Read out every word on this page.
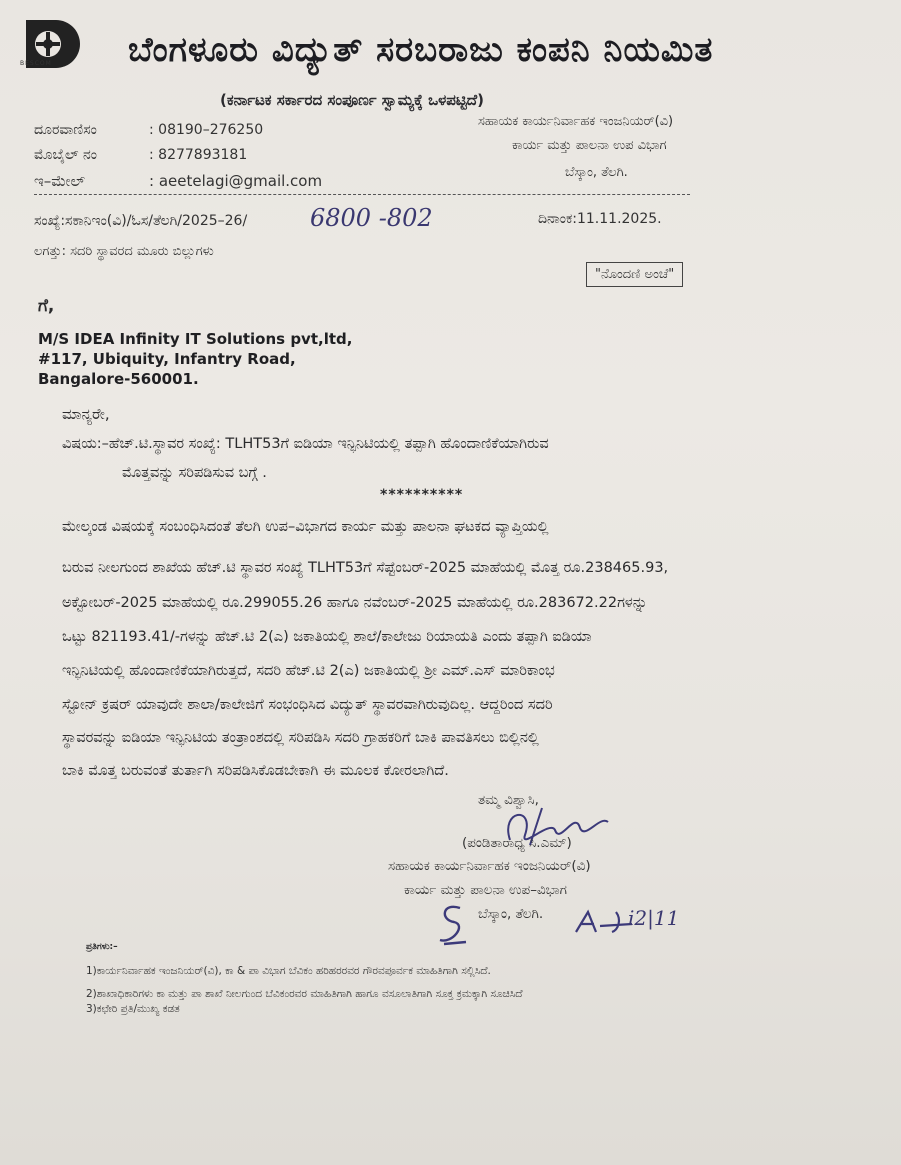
BESCOM ಬೆಂಗಳೂರು ವಿದ್ಯುತ್ ಸರಬರಾಜು ಕಂಪನಿ ನಿಯಮಿತ
(ಕರ್ನಾಟಕ ಸರ್ಕಾರದ ಸಂಪೂರ್ಣ ಸ್ವಾಮ್ಯಕ್ಕೆ ಒಳಪಟ್ಟಿದೆ)
ದೂರವಾಣಿಸಂ	: 08190–276250
ಮೊಬೈಲ್ ನಂ	: 8277893181
ಇ–ಮೇಲ್	: aeetelagi@gmail.com
ಸಹಾಯಕ ಕಾರ್ಯನಿರ್ವಾಹಕ ಇಂಜನಿಯರ್(ವಿ)
ಕಾರ್ಯ ಮತ್ತು ಪಾಲನಾ ಉಪ ವಿಭಾಗ
ಬೆಸ್ಕಾಂ, ತೆಲಗಿ.
ಸಂಖ್ಯೆ:ಸಕಾನಿಇಂ(ವಿ)/ಓಸ/ತೆಲಗಿ/2025–26/	6800 -802	ದಿನಾಂಕ:11.11.2025.
ಲಗತ್ತು: ಸದರಿ ಸ್ಥಾವರದ ಮೂರು ಬಿಲ್ಲುಗಳು
"ನೊಂದಣಿ ಅಂಚೆ"
ಗೆ,
M/S IDEA Infinity IT Solutions pvt,ltd,
#117, Ubiquity, Infantry Road,
Bangalore-560001.
ಮಾನ್ಯರೇ,
ವಿಷಯ:–ಹೆಚ್.ಟಿ.ಸ್ಥಾವರ ಸಂಖ್ಯೆ: TLHT53ಗೆ ಐಡಿಯಾ ಇನ್ಫಿನಿಟಿಯಲ್ಲಿ ತಪ್ಪಾಗಿ ಹೊಂದಾಣಿಕೆಯಾಗಿರುವ
ಮೊತ್ತವನ್ನು ಸರಿಪಡಿಸುವ ಬಗ್ಗೆ .
**********
ಮೇಲ್ಕಂಡ ವಿಷಯಕ್ಕೆ ಸಂಬಂಧಿಸಿದಂತೆ ತೆಲಗಿ ಉಪ–ವಿಭಾಗದ ಕಾರ್ಯ ಮತ್ತು ಪಾಲನಾ ಘಟಕದ ವ್ಯಾಪ್ತಿಯಲ್ಲಿ
ಬರುವ ನೀಲಗುಂದ ಶಾಖೆಯ ಹೆಚ್.ಟಿ ಸ್ಥಾವರ ಸಂಖ್ಯೆ TLHT53ಗೆ ಸೆಪ್ಟೆಂಬರ್-2025 ಮಾಹೆಯಲ್ಲಿ ಮೊತ್ತ ರೂ.238465.93,
ಅಕ್ಟೋಬರ್-2025 ಮಾಹೆಯಲ್ಲಿ ರೂ.299055.26 ಹಾಗೂ ನವೆಂಬರ್-2025 ಮಾಹೆಯಲ್ಲಿ ರೂ.283672.22ಗಳನ್ನು
ಒಟ್ಟು 821193.41/-ಗಳನ್ನು ಹೆಚ್.ಟಿ 2(ಎ) ಜಕಾತಿಯಲ್ಲಿ ಶಾಲೆ/ಕಾಲೇಜು ರಿಯಾಯತಿ ಎಂದು ತಪ್ಪಾಗಿ ಐಡಿಯಾ
ಇನ್ಫಿನಿಟಿಯಲ್ಲಿ ಹೊಂದಾಣಿಕೆಯಾಗಿರುತ್ತದೆ, ಸದರಿ ಹೆಚ್.ಟಿ 2(ಎ) ಜಕಾತಿಯಲ್ಲಿ ಶ್ರೀ ಎಮ್.ಎಸ್ ಮಾರಿಕಾಂಭ
ಸ್ಟೋನ್ ಕ್ರಷರ್ ಯಾವುದೇ ಶಾಲಾ/ಕಾಲೇಜಿಗೆ ಸಂಭಂಧಿಸಿದ ವಿದ್ಯುತ್ ಸ್ಥಾವರವಾಗಿರುವುದಿಲ್ಲ. ಆದ್ದರಿಂದ ಸದರಿ
ಸ್ಥಾವರವನ್ನು ಐಡಿಯಾ ಇನ್ಫಿನಿಟಿಯ ತಂತ್ರಾಂಶದಲ್ಲಿ ಸರಿಪಡಿಸಿ ಸದರಿ ಗ್ರಾಹಕರಿಗೆ ಬಾಕಿ ಪಾವತಿಸಲು ಬಿಲ್ಲಿನಲ್ಲಿ
ಬಾಕಿ ಮೊತ್ತ ಬರುವಂತೆ ತುರ್ತಾಗಿ ಸರಿಪಡಿಸಿಕೊಡಬೇಕಾಗಿ ಈ ಮೂಲಕ ಕೋರಲಾಗಿದೆ.
ತಮ್ಮ ವಿಶ್ವಾಸಿ,
(ಪಂಡಿತಾರಾಧ್ಯ ಸಿ.ಎಮ್)
ಸಹಾಯಕ ಕಾರ್ಯನಿರ್ವಾಹಕ ಇಂಜನಿಯರ್(ವಿ)
ಕಾರ್ಯ ಮತ್ತು ಪಾಲನಾ ಉಪ–ವಿಭಾಗ
ಬೆಸ್ಕಾಂ, ತೆಲಗಿ.	i2|11
ಪ್ರತಿಗಳು:–
1)ಕಾರ್ಯನಿರ್ವಾಹಕ ಇಂಜನಿಯರ್(ವಿ), ಕಾ & ಪಾ ವಿಭಾಗ ಬೆವಿಕಂ ಹರಿಹರರವರ ಗೌರವಪೂರ್ವಕ ಮಾಹಿತಿಗಾಗಿ ಸಲ್ಲಿಸಿದೆ.
2)ಶಾಖಾಧಿಕಾರಿಗಳು ಕಾ ಮತ್ತು ಪಾ ಶಾಖೆ ನೀಲಗುಂದ ಬೆವಿಕಂರವರ ಮಾಹಿತಿಗಾಗಿ ಹಾಗೂ ವಸೂಲಾತಿಗಾಗಿ ಸೂಕ್ತ ಕ್ರಮಕ್ಕಾಗಿ ಸೂಚಿಸಿದೆ
3)ಕಛೇರಿ ಪ್ರತಿ/ಮುಖ್ಯ ಕಡತ
